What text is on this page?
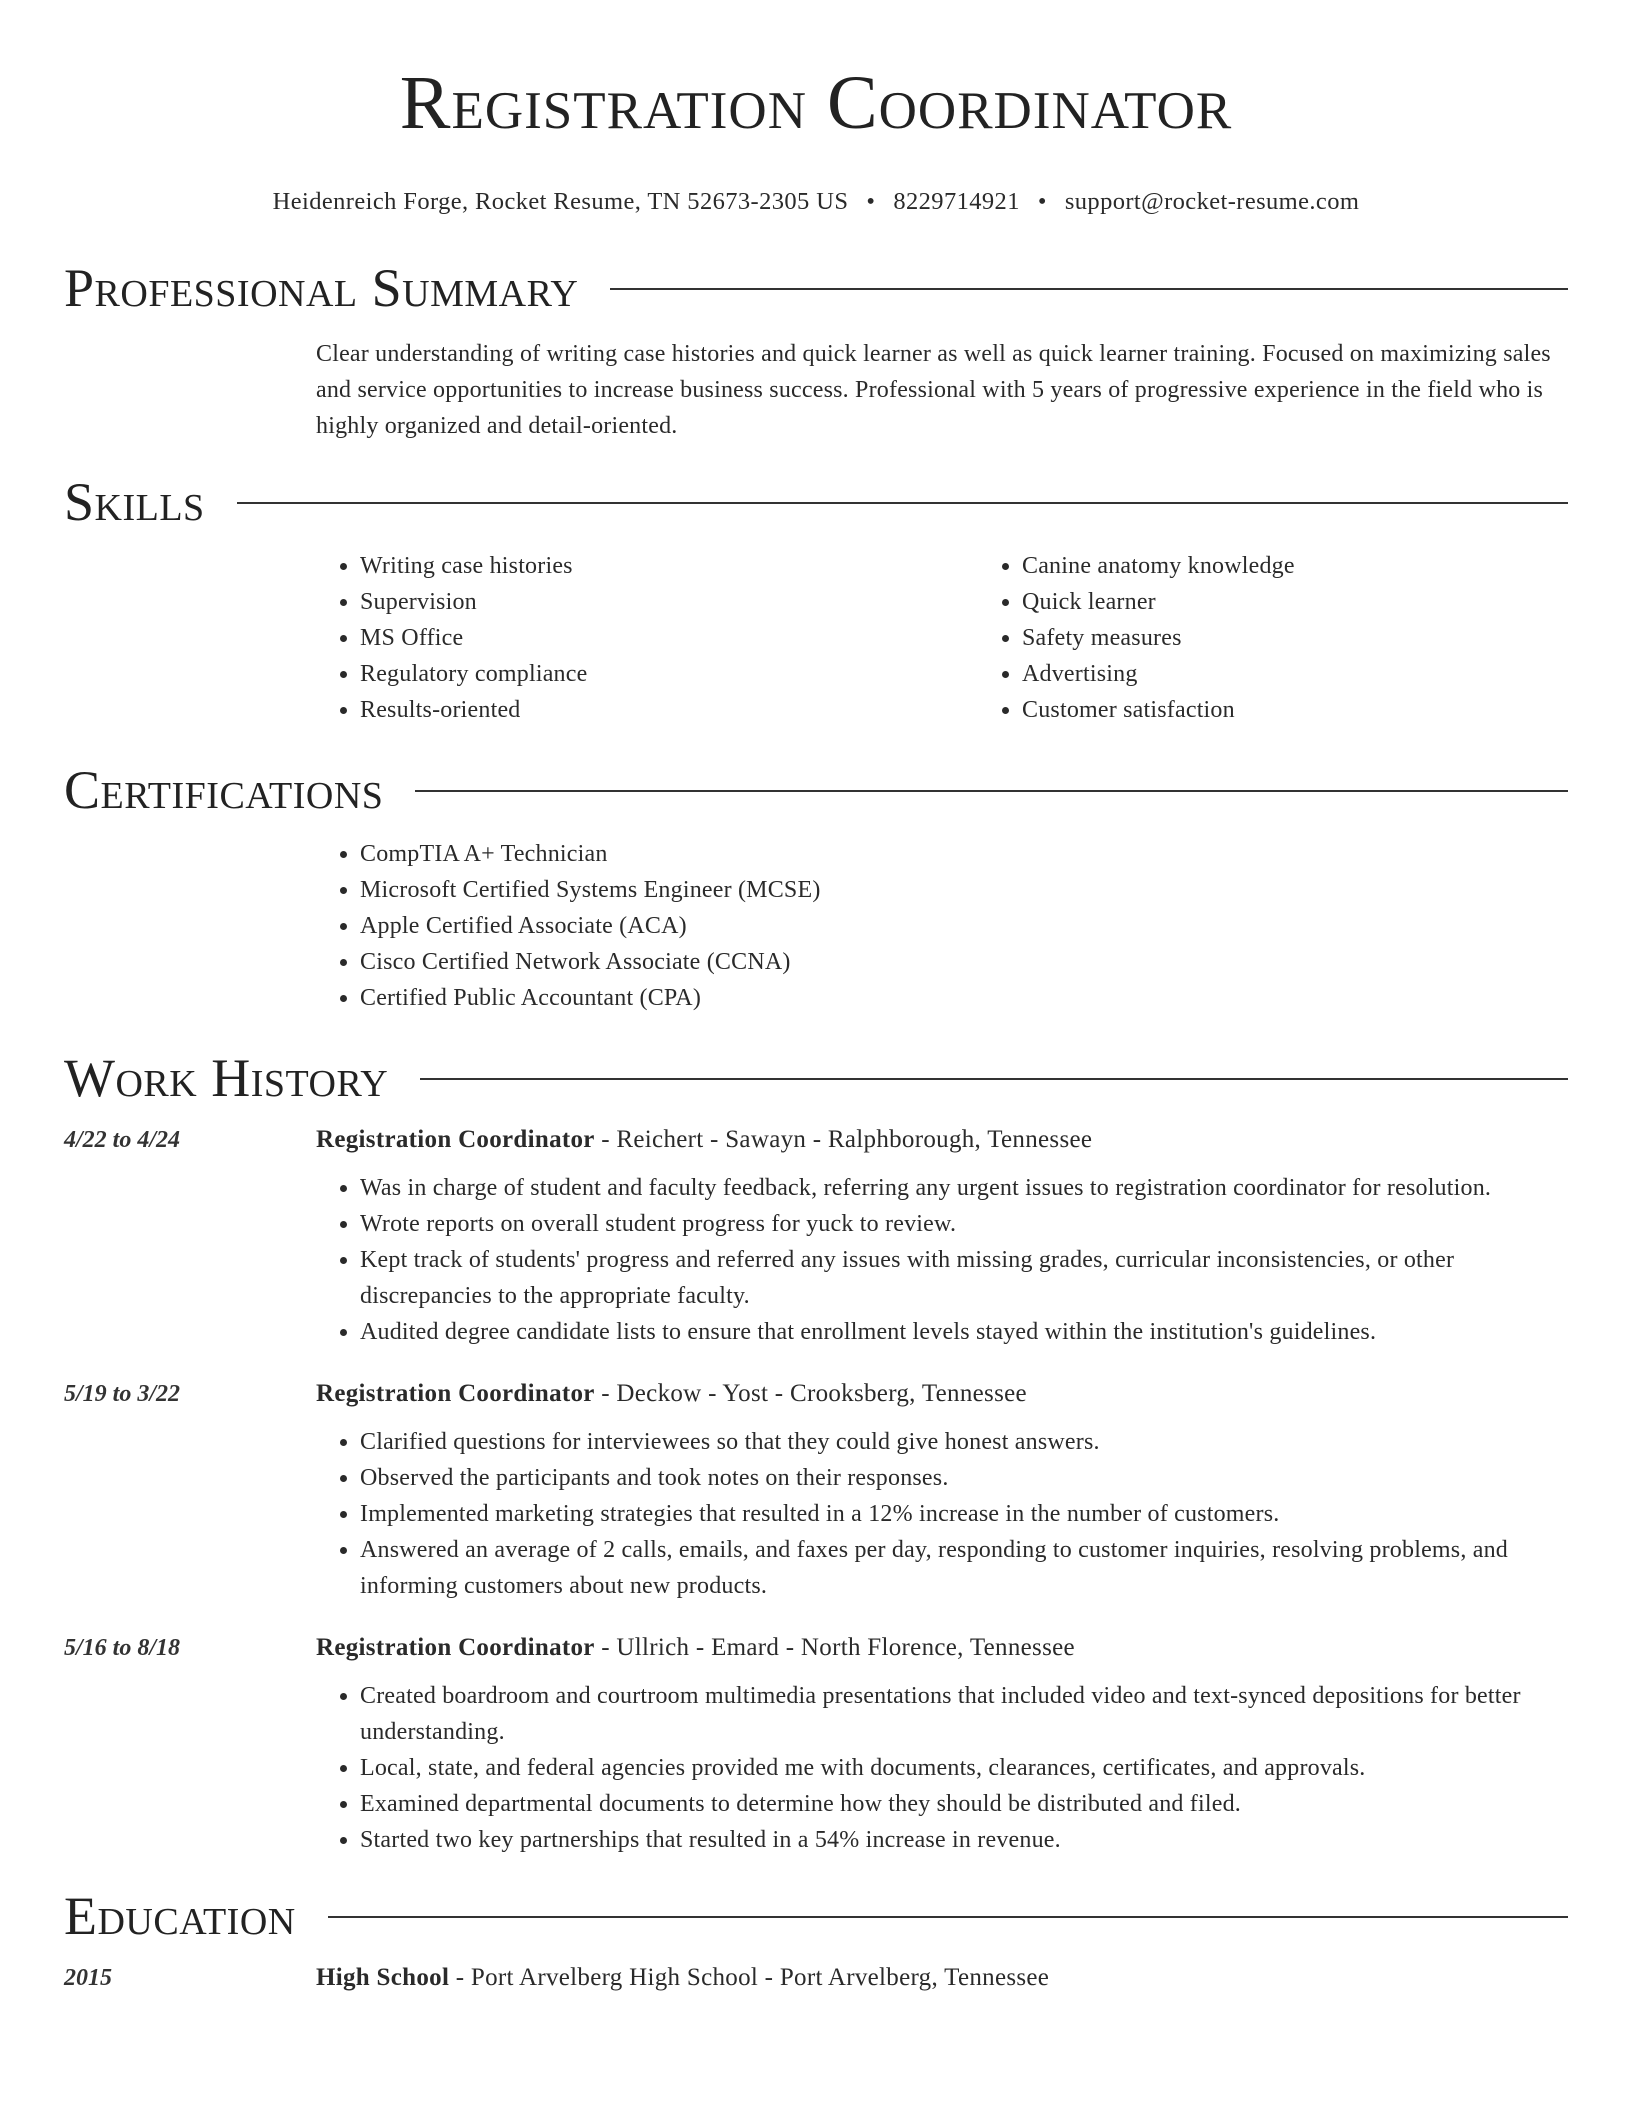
Registration Coordinator
Heidenreich Forge, Rocket Resume, TN 52673-2305 US • 8229714921 • support@rocket-resume.com
Professional Summary

Clear understanding of writing case histories and quick learner as well as quick learner training. Focused on maximizing sales and service opportunities to increase business success. Professional with 5 years of progressive experience in the field who is highly organized and detail-oriented.

Skills
• Writing case histories
• Supervision
• MS Office
• Regulatory compliance
• Results-oriented
• Canine anatomy knowledge
• Quick learner
• Safety measures
• Advertising
• Customer satisfaction
Certifications
• CompTIA A+ Technician
• Microsoft Certified Systems Engineer (MCSE)
• Apple Certified Associate (ACA)
• Cisco Certified Network Associate (CCNA)
• Certified Public Accountant (CPA)
Work History
4/22 to 4/24	Registration Coordinator - Reichert - Sawayn - Ralphborough, Tennessee
• Was in charge of student and faculty feedback, referring any urgent issues to registration coordinator for resolution.
• Wrote reports on overall student progress for yuck to review.
• Kept track of students' progress and referred any issues with missing grades, curricular inconsistencies, or other discrepancies to the appropriate faculty.
• Audited degree candidate lists to ensure that enrollment levels stayed within the institution's guidelines.
5/19 to 3/22	Registration Coordinator - Deckow - Yost - Crooksberg, Tennessee
• Clarified questions for interviewees so that they could give honest answers.
• Observed the participants and took notes on their responses.
• Implemented marketing strategies that resulted in a 12% increase in the number of customers.
• Answered an average of 2 calls, emails, and faxes per day, responding to customer inquiries, resolving problems, and informing customers about new products.
5/16 to 8/18	Registration Coordinator - Ullrich - Emard - North Florence, Tennessee
• Created boardroom and courtroom multimedia presentations that included video and text-synced depositions for better understanding.
• Local, state, and federal agencies provided me with documents, clearances, certificates, and approvals.
• Examined departmental documents to determine how they should be distributed and filed.
• Started two key partnerships that resulted in a 54% increase in revenue.
Education
2015	High School - Port Arvelberg High School - Port Arvelberg, Tennessee
